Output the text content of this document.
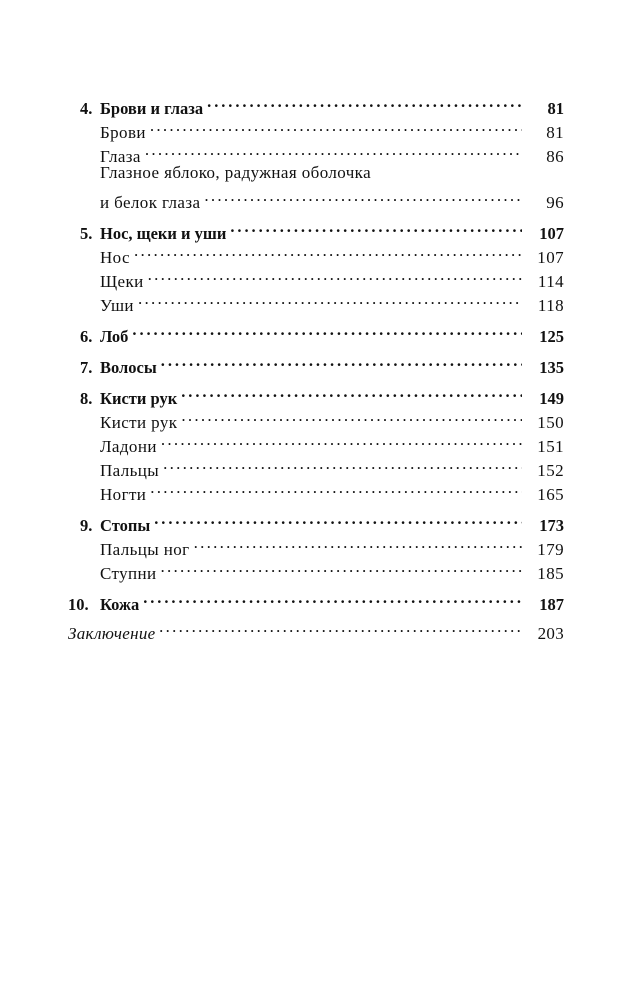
4. Брови и глаза . . .	81
Брови . . .	81
Глаза . . .	86
Глазное яблоко, радужная оболочка
и белок глаза . . .	96
5. Нос, щеки и уши . . .	107
Нос . . .	107
Щеки . . .	114
Уши . . .	118
6. Лоб . . .	125
7. Волосы . . .	135
8. Кисти рук . . .	149
Кисти рук . . .	150
Ладони . . .	151
Пальцы . . .	152
Ногти . . .	165
9. Стопы . . .	173
Пальцы ног . . .	179
Ступни . . .	185
10. Кожа . . .	187
Заключение . . .	203
